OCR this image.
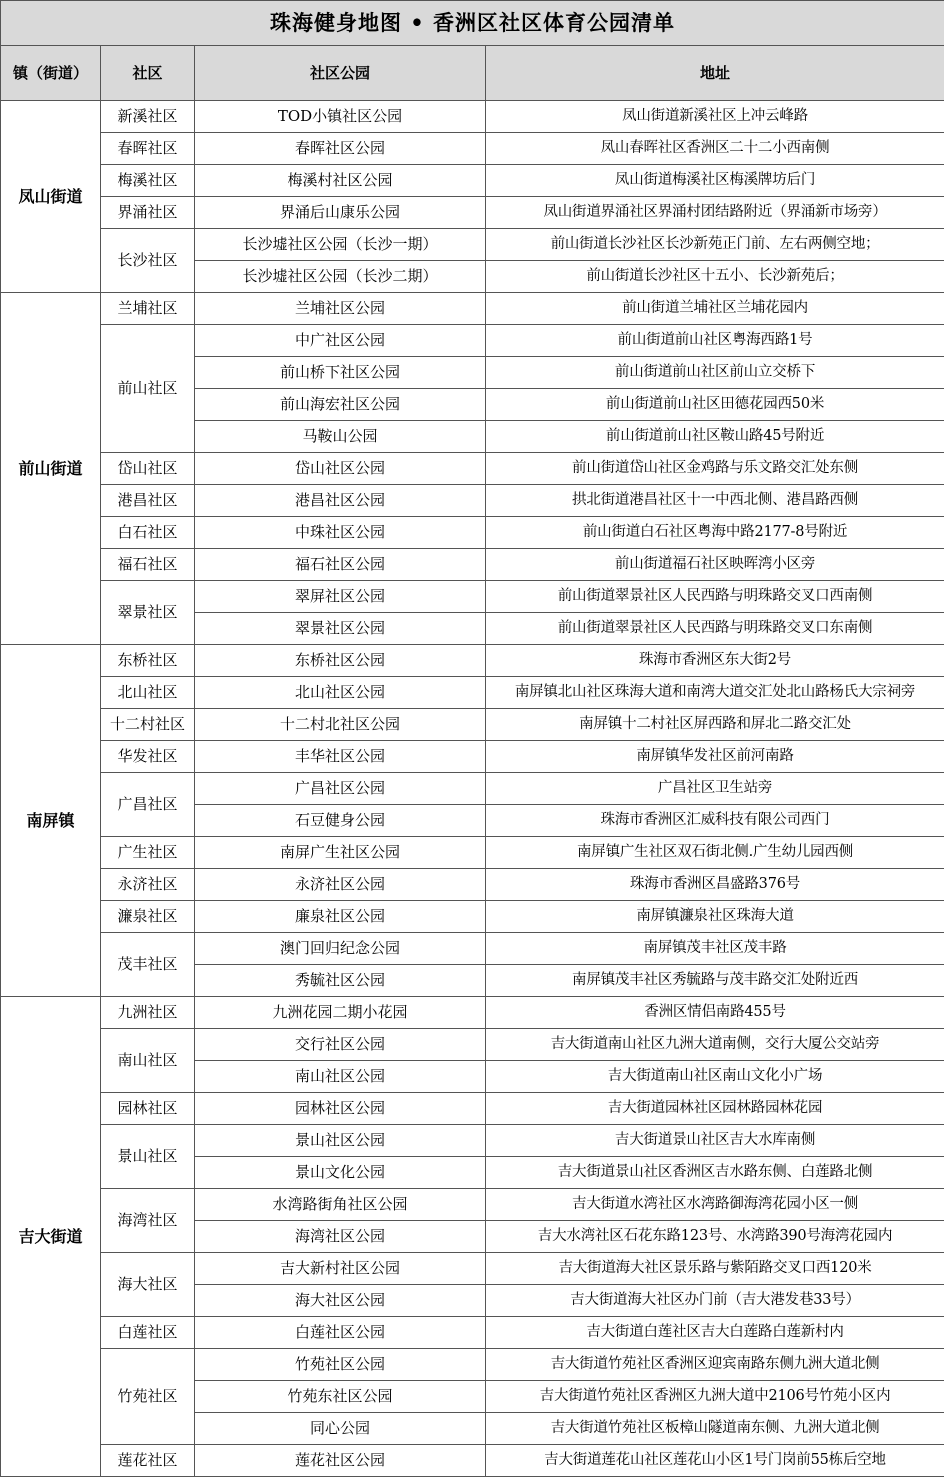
珠海健身地图 • 香洲区社区体育公园清单			
镇（街道）	社区	社区公园	地址
凤山街道	新溪社区	TOD小镇社区公园	凤山街道新溪社区上冲云峰路
	春晖社区	春晖社区公园	凤山春晖社区香洲区二十二小西南侧
	梅溪社区	梅溪村社区公园	凤山街道梅溪社区梅溪牌坊后门
	界涌社区	界涌后山康乐公园	凤山街道界涌社区界涌村团结路附近（界涌新市场旁）
	长沙社区	长沙墟社区公园（长沙一期）	前山街道长沙社区长沙新苑正门前、左右两侧空地；
		长沙墟社区公园（长沙二期）	前山街道长沙社区十五小、长沙新苑后；
前山街道	兰埔社区	兰埔社区公园	前山街道兰埔社区兰埔花园内
	前山社区	中广社区公园	前山街道前山社区粤海西路1号
		前山桥下社区公园	前山街道前山社区前山立交桥下
		前山海宏社区公园	前山街道前山社区田德花园西50米
		马鞍山公园	前山街道前山社区鞍山路45号附近
	岱山社区	岱山社区公园	前山街道岱山社区金鸡路与乐文路交汇处东侧
	港昌社区	港昌社区公园	拱北街道港昌社区十一中西北侧、港昌路西侧
	白石社区	中珠社区公园	前山街道白石社区粤海中路2177-8号附近
	福石社区	福石社区公园	前山街道福石社区映晖湾小区旁
	翠景社区	翠屏社区公园	前山街道翠景社区人民西路与明珠路交叉口西南侧
		翠景社区公园	前山街道翠景社区人民西路与明珠路交叉口东南侧
南屏镇	东桥社区	东桥社区公园	珠海市香洲区东大街2号
	北山社区	北山社区公园	南屏镇北山社区珠海大道和南湾大道交汇处北山路杨氏大宗祠旁
	十二村社区	十二村北社区公园	南屏镇十二村社区屏西路和屏北二路交汇处
	华发社区	丰华社区公园	南屏镇华发社区前河南路
	广昌社区	广昌社区公园	广昌社区卫生站旁
		石豆健身公园	珠海市香洲区汇威科技有限公司西门
	广生社区	南屏广生社区公园	南屏镇广生社区双石街北侧.广生幼儿园西侧
	永济社区	永济社区公园	珠海市香洲区昌盛路376号
	濂泉社区	廉泉社区公园	南屏镇濂泉社区珠海大道
	茂丰社区	澳门回归纪念公园	南屏镇茂丰社区茂丰路
		秀毓社区公园	南屏镇茂丰社区秀毓路与茂丰路交汇处附近西
吉大街道	九洲社区	九洲花园二期小花园	香洲区情侣南路455号
	南山社区	交行社区公园	吉大街道南山社区九洲大道南侧，交行大厦公交站旁
		南山社区公园	吉大街道南山社区南山文化小广场
	园林社区	园林社区公园	吉大街道园林社区园林路园林花园
	景山社区	景山社区公园	吉大街道景山社区吉大水库南侧
		景山文化公园	吉大街道景山社区香洲区吉水路东侧、白莲路北侧
	海湾社区	水湾路街角社区公园	吉大街道水湾社区水湾路御海湾花园小区一侧
		海湾社区公园	吉大水湾社区石花东路123号、水湾路390号海湾花园内
	海大社区	吉大新村社区公园	吉大街道海大社区景乐路与紫陌路交叉口西120米
		海大社区公园	吉大街道海大社区办门前（吉大港发巷33号）
	白莲社区	白莲社区公园	吉大街道白莲社区吉大白莲路白莲新村内
	竹苑社区	竹苑社区公园	吉大街道竹苑社区香洲区迎宾南路东侧九洲大道北侧
		竹苑东社区公园	吉大街道竹苑社区香洲区九洲大道中2106号竹苑小区内
		同心公园	吉大街道竹苑社区板樟山隧道南东侧、九洲大道北侧
	莲花社区	莲花社区公园	吉大街道莲花山社区莲花山小区1号门岗前55栋后空地
